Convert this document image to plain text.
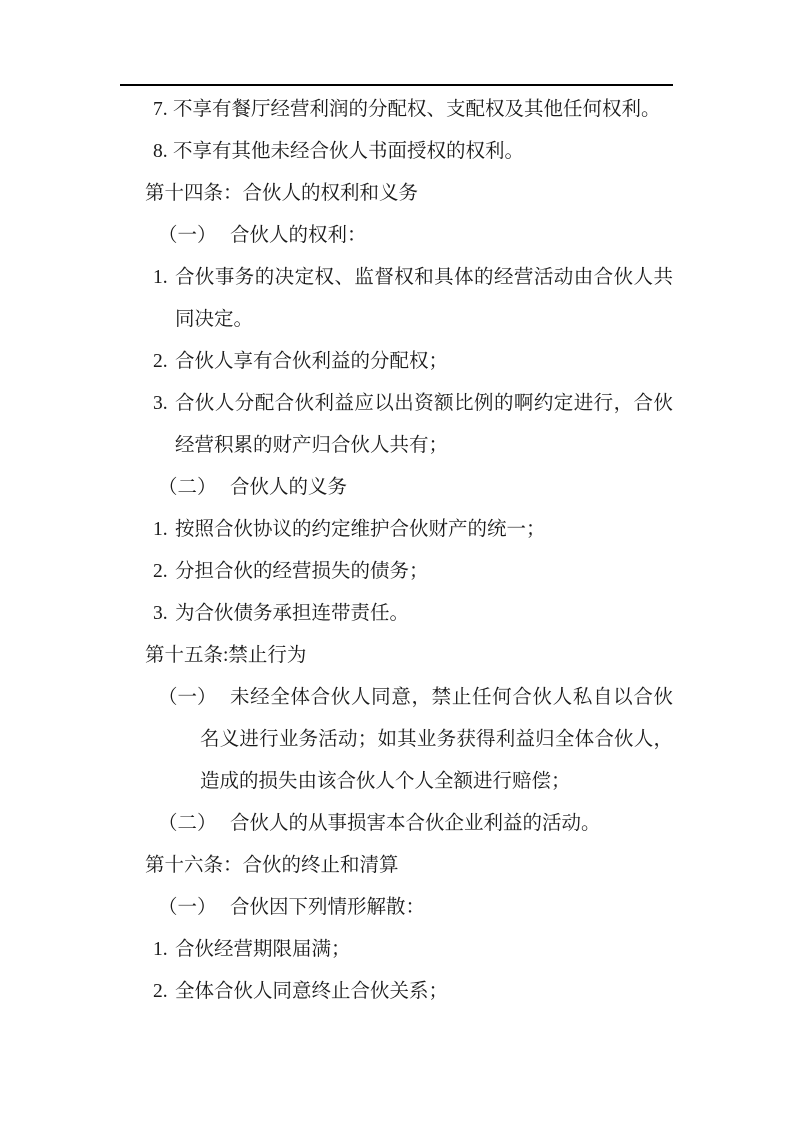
7. 不享有餐厅经营利润的分配权、支配权及其他任何权利。
8. 不享有其他未经合伙人书面授权的权利。
第十四条：合伙人的权利和义务
（一） 合伙人的权利：
1. 合伙事务的决定权、监督权和具体的经营活动由合伙人共同决定。
2. 合伙人享有合伙利益的分配权；
3. 合伙人分配合伙利益应以出资额比例的啊约定进行，合伙经营积累的财产归合伙人共有；
（二） 合伙人的义务
1. 按照合伙协议的约定维护合伙财产的统一；
2. 分担合伙的经营损失的债务；
3. 为合伙债务承担连带责任。
第十五条:禁止行为
（一） 未经全体合伙人同意，禁止任何合伙人私自以合伙名义进行业务活动；如其业务获得利益归全体合伙人，造成的损失由该合伙人个人全额进行赔偿；
（二） 合伙人的从事损害本合伙企业利益的活动。
第十六条：合伙的终止和清算
（一） 合伙因下列情形解散：
1. 合伙经营期限届满；
2. 全体合伙人同意终止合伙关系；
